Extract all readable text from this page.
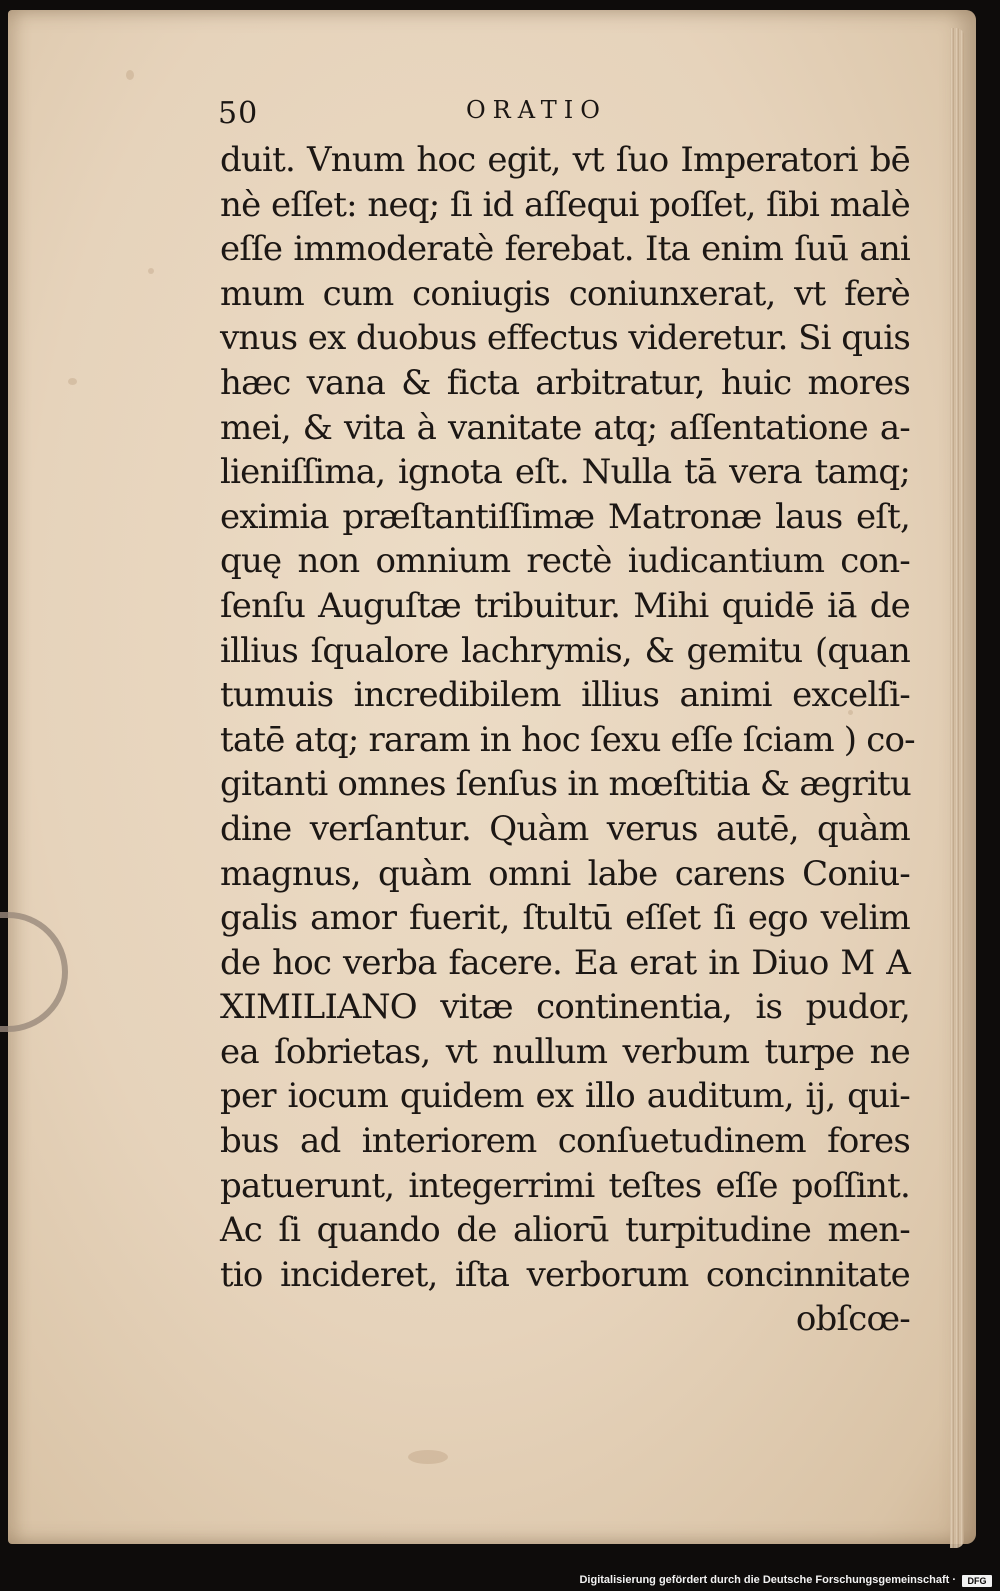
50	ORATIO
duit. Vnum hoc egit, vt ſuo Imperatori bē
nè eſſet: neq; ſi id aſſequi poſſet, ſibi malè
eſſe immoderatè ferebat. Ita enim ſuū ani
mum cum coniugis coniunxerat, vt ferè
vnus ex duobus effectus videretur. Si quis
hæc vana & ficta arbitratur, huic mores
mei, & vita à vanitate atq; aſſentatione a-
lieniſſima, ignota eſt. Nulla tā vera tamq;
eximia præſtantiſſimæ Matronæ laus eſt,
quę non omnium rectè iudicantium con-
ſenſu Auguſtæ tribuitur. Mihi quidē iā de
illius ſqualore lachrymis, & gemitu (quan
tumuis incredibilem illius animi excelſi-
tatē atq; raram in hoc ſexu eſſe ſciam ) co-
gitanti omnes ſenſus in mœſtitia & ægritu
dine verſantur. Quàm verus autē, quàm
magnus, quàm omni labe carens Coniu-
galis amor fuerit, ſtultū eſſet ſi ego velim
de hoc verba facere. Ea erat in Diuo M A
XIMILIANO vitæ continentia, is pudor,
ea ſobrietas, vt nullum verbum turpe ne
per iocum quidem ex illo auditum, ij, qui-
bus ad interiorem conſuetudinem fores
patuerunt, integerrimi teſtes eſſe poſſint.
Ac ſi quando de aliorū turpitudine men-
tio incideret, iſta verborum concinnitate
obſcœ-
Digitalisierung gefördert durch die Deutsche Forschungsgemeinschaft ·	DFG
